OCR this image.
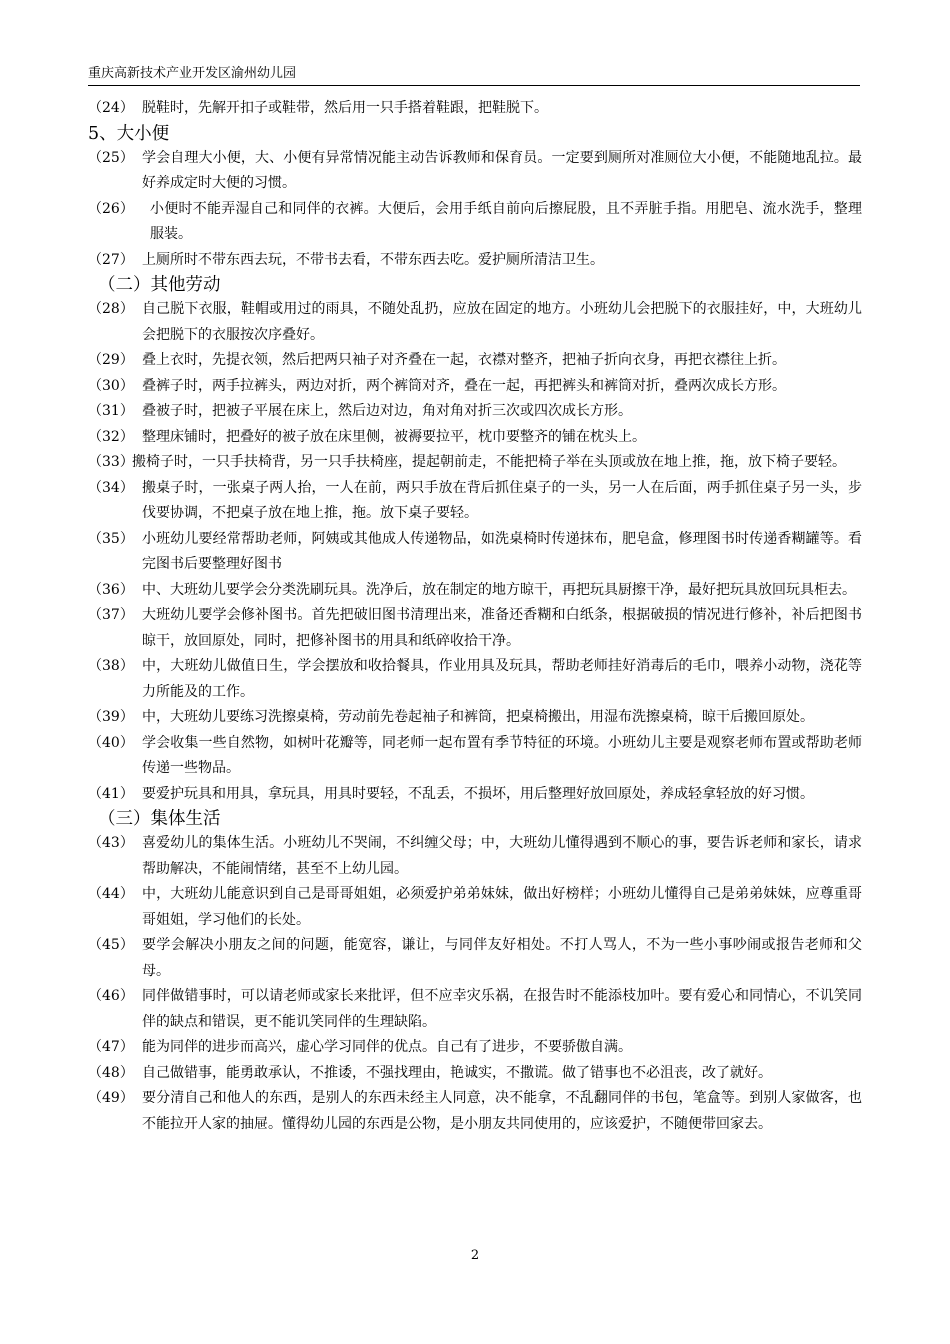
重庆高新技术产业开发区渝州幼儿园
（24） 脱鞋时，先解开扣子或鞋带，然后用一只手搭着鞋跟，把鞋脱下。
5、大小便
（25） 学会自理大小便，大、小便有异常情况能主动告诉教师和保育员。一定要到厕所对准厕位大小便，不能随地乱拉。最好养成定时大便的习惯。
（26） 小便时不能弄湿自己和同伴的衣裤。大便后，会用手纸自前向后擦屁股，且不弄脏手指。用肥皂、流水洗手，整理服装。
（27） 上厕所时不带东西去玩，不带书去看，不带东西去吃。爱护厕所清洁卫生。
（二）其他劳动
（28） 自己脱下衣服，鞋帽或用过的雨具，不随处乱扔，应放在固定的地方。小班幼儿会把脱下的衣服挂好，中，大班幼儿会把脱下的衣服按次序叠好。
（29） 叠上衣时，先提衣领，然后把两只袖子对齐叠在一起，衣襟对整齐，把袖子折向衣身，再把衣襟往上折。
（30） 叠裤子时，两手拉裤头，两边对折，两个裤筒对齐，叠在一起，再把裤头和裤筒对折，叠两次成长方形。
（31） 叠被子时，把被子平展在床上，然后边对边，角对角对折三次或四次成长方形。
（32） 整理床铺时，把叠好的被子放在床里侧，被褥要拉平，枕巾要整齐的铺在枕头上。
（33）
搬椅子时，一只手扶椅背，另一只手扶椅座，提起朝前走，不能把椅子举在头顶或放在地上推，拖，放下椅子要轻。
（34） 搬桌子时，一张桌子两人抬，一人在前，两只手放在背后抓住桌子的一头，另一人在后面，两手抓住桌子另一头，步伐要协调，不把桌子放在地上推，拖。放下桌子要轻。
（35） 小班幼儿要经常帮助老师，阿姨或其他成人传递物品，如洗桌椅时传递抹布，肥皂盒，修理图书时传递香糊罐等。看完图书后要整理好图书
（36） 中、大班幼儿要学会分类洗刷玩具。洗净后，放在制定的地方晾干，再把玩具厨擦干净，最好把玩具放回玩具柜去。
（37） 大班幼儿要学会修补图书。首先把破旧图书清理出来，准备还香糊和白纸条，根据破损的情况进行修补，补后把图书晾干，放回原处，同时，把修补图书的用具和纸碎收拾干净。
（38） 中，大班幼儿做值日生，学会摆放和收拾餐具，作业用具及玩具，帮助老师挂好消毒后的毛巾，喂养小动物，浇花等力所能及的工作。
（39） 中，大班幼儿要练习洗擦桌椅，劳动前先卷起袖子和裤筒，把桌椅搬出，用湿布洗擦桌椅，晾干后搬回原处。
（40） 学会收集一些自然物，如树叶花瓣等，同老师一起布置有季节特征的环境。小班幼儿主要是观察老师布置或帮助老师传递一些物品。
（41） 要爱护玩具和用具，拿玩具，用具时要轻，不乱丢，不损坏，用后整理好放回原处，养成轻拿轻放的好习惯。
（三）集体生活
（43） 喜爱幼儿的集体生活。小班幼儿不哭闹，不纠缠父母；中，大班幼儿懂得遇到不顺心的事，要告诉老师和家长，请求帮助解决，不能闹情绪，甚至不上幼儿园。
（44） 中，大班幼儿能意识到自己是哥哥姐姐，必须爱护弟弟妹妹，做出好榜样；小班幼儿懂得自己是弟弟妹妹，应尊重哥哥姐姐，学习他们的长处。
（45） 要学会解决小朋友之间的问题，能宽容，谦让，与同伴友好相处。不打人骂人，不为一些小事吵闹或报告老师和父母。
（46） 同伴做错事时，可以请老师或家长来批评，但不应幸灾乐祸，在报告时不能添枝加叶。要有爱心和同情心，不讥笑同伴的缺点和错误，更不能讥笑同伴的生理缺陷。
（47） 能为同伴的进步而高兴，虚心学习同伴的优点。自己有了进步，不要骄傲自满。
（48） 自己做错事，能勇敢承认，不推诿，不强找理由，艳诚实，不撒谎。做了错事也不必沮丧，改了就好。
（49） 要分清自己和他人的东西，是别人的东西未经主人同意，决不能拿，不乱翻同伴的书包，笔盒等。到别人家做客，也不能拉开人家的抽屉。懂得幼儿园的东西是公物，是小朋友共同使用的，应该爱护，不随便带回家去。
2
